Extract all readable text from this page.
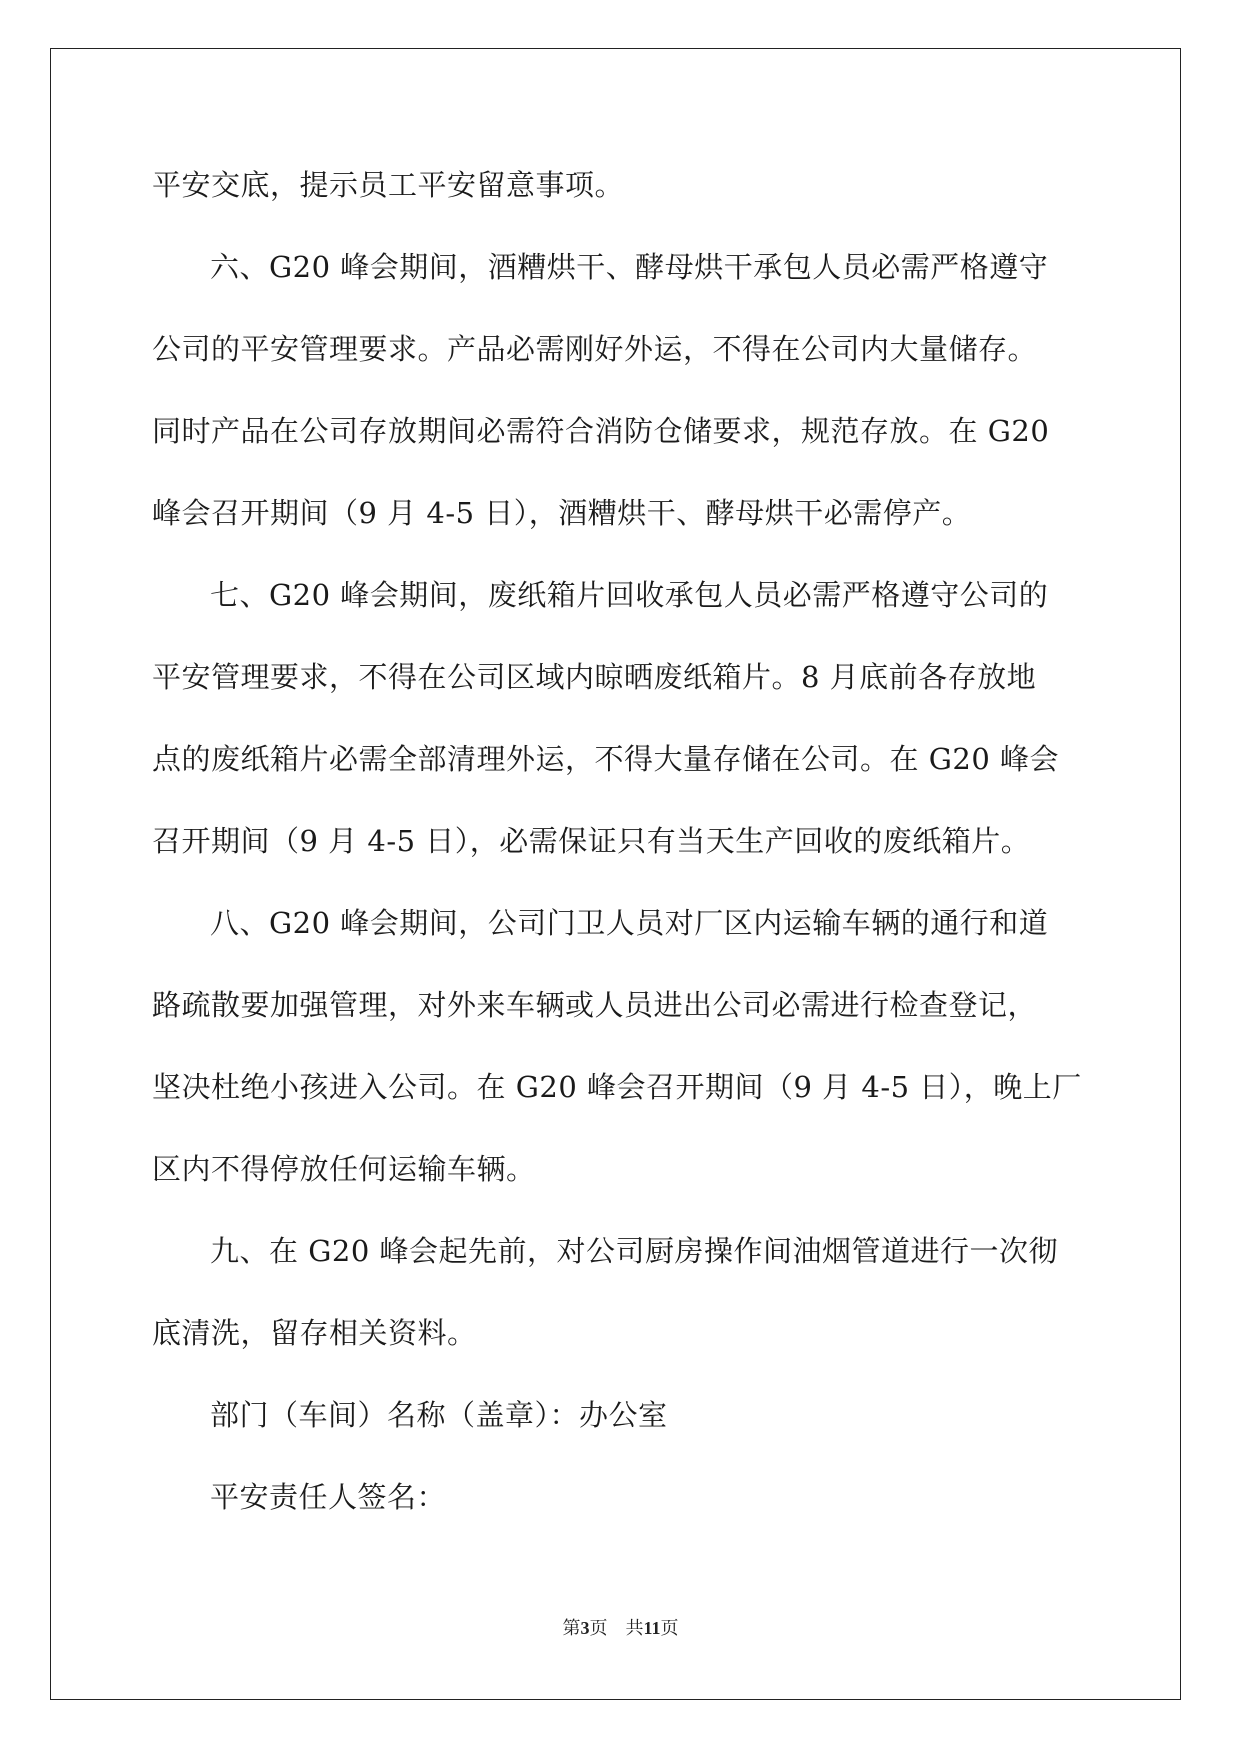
平安交底，提示员工平安留意事项。
六、G20 峰会期间，酒糟烘干、酵母烘干承包人员必需严格遵守
公司的平安管理要求。产品必需刚好外运，不得在公司内大量储存。
同时产品在公司存放期间必需符合消防仓储要求，规范存放。在 G20
峰会召开期间（9 月 4-5 日），酒糟烘干、酵母烘干必需停产。
七、G20 峰会期间，废纸箱片回收承包人员必需严格遵守公司的
平安管理要求，不得在公司区域内晾晒废纸箱片。8 月底前各存放地
点的废纸箱片必需全部清理外运，不得大量存储在公司。在 G20 峰会
召开期间（9 月 4-5 日），必需保证只有当天生产回收的废纸箱片。
八、G20 峰会期间，公司门卫人员对厂区内运输车辆的通行和道
路疏散要加强管理，对外来车辆或人员进出公司必需进行检查登记，
坚决杜绝小孩进入公司。在 G20 峰会召开期间（9 月 4-5 日），晚上厂
区内不得停放任何运输车辆。
九、在 G20 峰会起先前，对公司厨房操作间油烟管道进行一次彻
底清洗，留存相关资料。
部门（车间）名称（盖章）：办公室
平安责任人签名：
第3页 共11页
